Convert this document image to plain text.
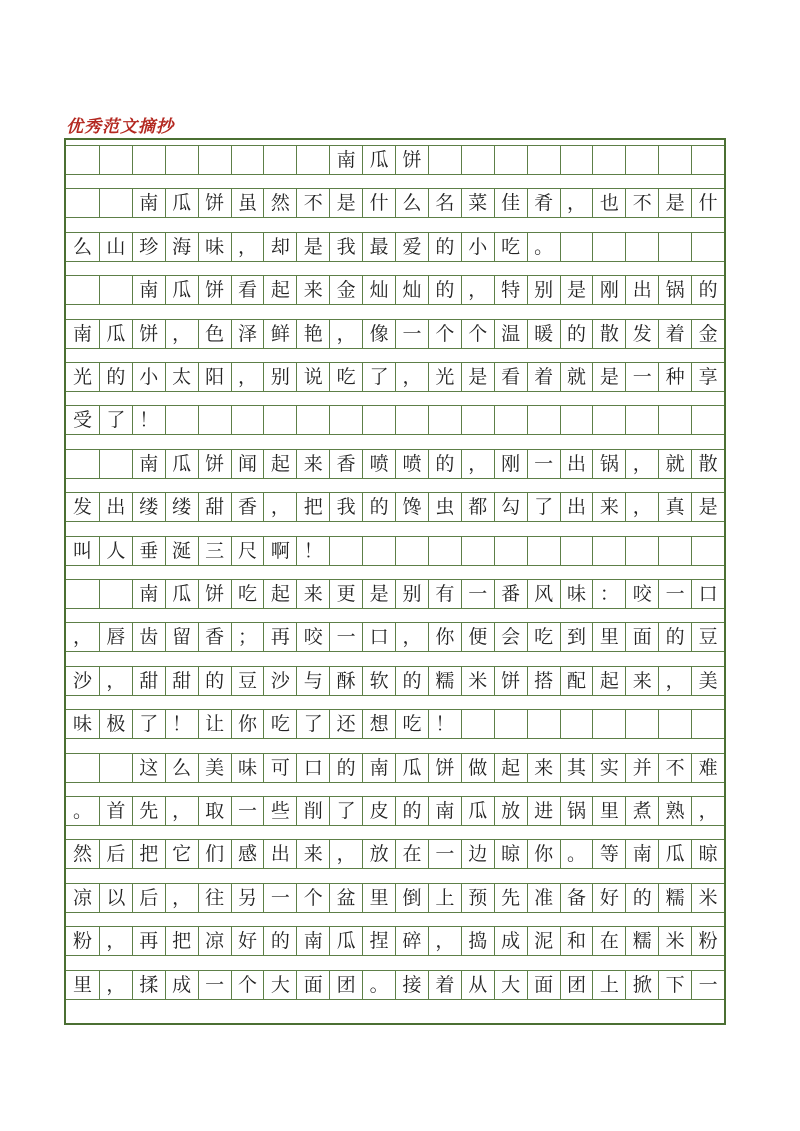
优秀范文摘抄
南 瓜 饼
南 瓜 饼 虽 然 不 是 什 么 名 菜 佳 肴 ， 也 不 是 什
么 山 珍 海 味 ， 却 是 我 最 爱 的 小 吃 。
南 瓜 饼 看 起 来 金 灿 灿 的 ， 特 别 是 刚 出 锅 的
南 瓜 饼 ， 色 泽 鲜 艳 ， 像 一 个 个 温 暖 的 散 发 着 金
光 的 小 太 阳 ， 别 说 吃 了 ， 光 是 看 着 就 是 一 种 享
受 了 ！
南 瓜 饼 闻 起 来 香 喷 喷 的 ， 刚 一 出 锅 ， 就 散
发 出 缕 缕 甜 香 ， 把 我 的 馋 虫 都 勾 了 出 来 ， 真 是
叫 人 垂 涎 三 尺 啊 ！
南 瓜 饼 吃 起 来 更 是 别 有 一 番 风 味 ： 咬 一 口
， 唇 齿 留 香 ； 再 咬 一 口 ， 你 便 会 吃 到 里 面 的 豆
沙 ， 甜 甜 的 豆 沙 与 酥 软 的 糯 米 饼 搭 配 起 来 ， 美
味 极 了 ！ 让 你 吃 了 还 想 吃 ！
这 么 美 味 可 口 的 南 瓜 饼 做 起 来 其 实 并 不 难
。 首 先 ， 取 一 些 削 了 皮 的 南 瓜 放 进 锅 里 煮 熟 ，
然 后 把 它 们 感 出 来 ， 放 在 一 边 晾 你 。 等 南 瓜 晾
凉 以 后 ， 往 另 一 个 盆 里 倒 上 预 先 准 备 好 的 糯 米
粉 ， 再 把 凉 好 的 南 瓜 捏 碎 ， 捣 成 泥 和 在 糯 米 粉
里 ， 揉 成 一 个 大 面 团 。 接 着 从 大 面 团 上 掀 下 一
